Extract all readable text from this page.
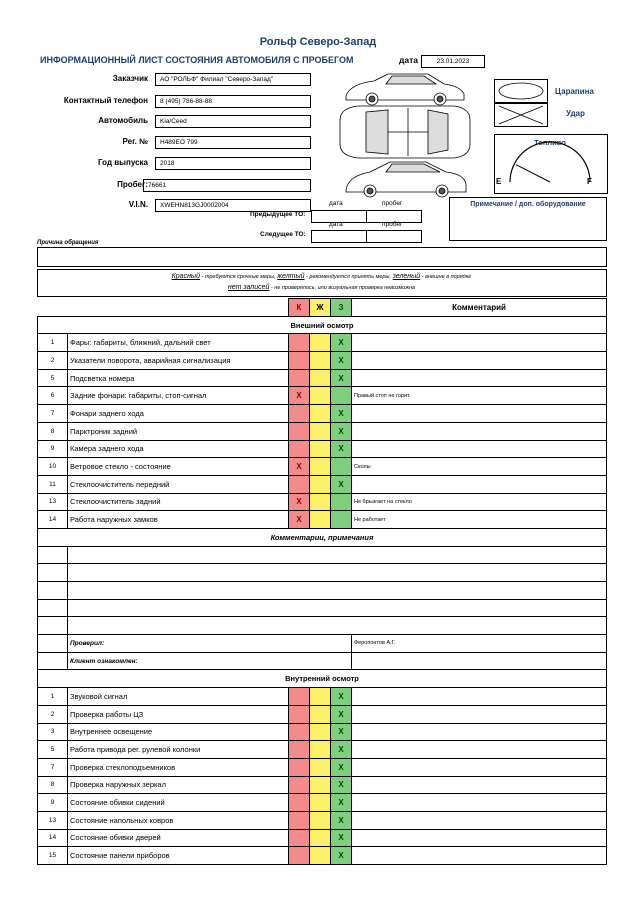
Рольф Северо-Запад
ИНФОРМАЦИОННЫЙ ЛИСТ СОСТОЯНИЯ АВТОМОБИЛЯ С ПРОБЕГОМ	дата	23.01.2023
Заказчик	АО "РОЛЬФ" Филиал "Северо-Запад"
Контактный телефон	8 (495) 786-88-88
Автомобиль	Kia/Ceed
Рег. №	H489EO 799
Год выпуска	2018
Пробег: 76661
V.I.N.	XWEHN813GJ0002004	дата	пробег
Предыдущее ТО:
дата	пробег
Следущее ТО:
Царапина
Удар
Топливо
E	F
Примечание / доп. оборудование
Причина обращения
Красный - требуются срочные меры, желтый - рекомендуется принять меры, зеленый - внешне в порядке
нет записей - не проверялось, или визуальная проверка невозможна
		К	Ж	З	Комментарий
Внешний осмотр					
1	Фары: габариты, ближний, дальний свет			X	
2	Указатели поворота, аварийная сигнализация			X	
5	Подсветка номера			X	
6	Задние фонари: габариты, стоп-сигнал	X			Правый стоп не горит.
7	Фонари заднего хода			X	
8	Парктроник задний			X	
9	Камера заднего хода			X	
10	Ветровое стекло - состояние	X			Сколы
11	Стеклоочиститель передний			X	
13	Стеклоочиститель задний	X			Не брызгает на стекло
14	Работа наружных замков	X			Не работает
Комментарии, примечания					

	Проверил:				Феропонтов А.Г.
	Клиент ознакомлен:				
Внутренний осмотр					
1	Звуковой сигнал			X	
2	Проверка работы ЦЗ			X	
3	Внутреннее освещение			X	
5	Работа привода рег. рулевой колонки			X	
7	Проверка стеклоподъемников			X	
8	Проверка наружных зеркал			X	
9	Состояние обивки сидений			X	
13	Состояние напольных ковров			X	
14	Состояние обивки дверей			X	
15	Состояние панели приборов			X	
